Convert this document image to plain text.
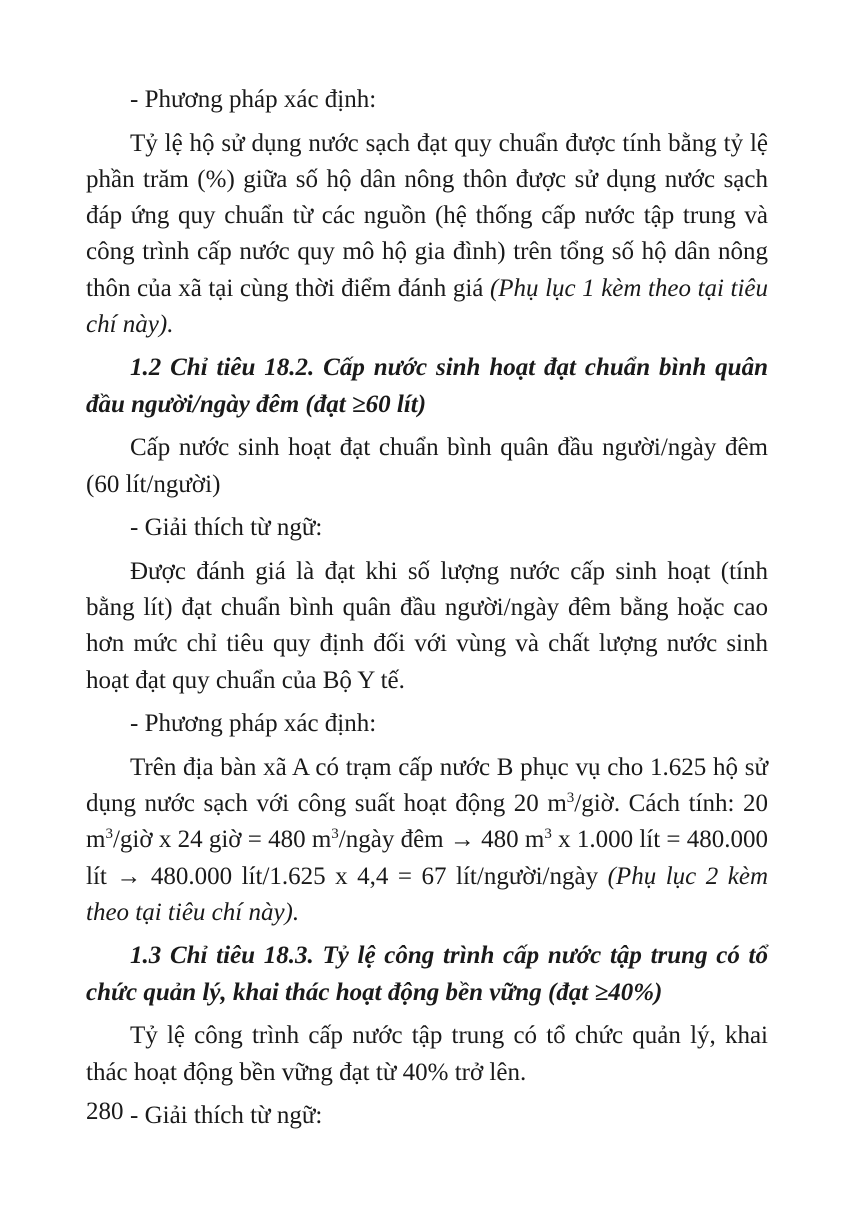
- Phương pháp xác định:

Tỷ lệ hộ sử dụng nước sạch đạt quy chuẩn được tính bằng tỷ lệ phần trăm (%) giữa số hộ dân nông thôn được sử dụng nước sạch đáp ứng quy chuẩn từ các nguồn (hệ thống cấp nước tập trung và công trình cấp nước quy mô hộ gia đình) trên tổng số hộ dân nông thôn của xã tại cùng thời điểm đánh giá (Phụ lục 1 kèm theo tại tiêu chí này).

1.2 Chỉ tiêu 18.2. Cấp nước sinh hoạt đạt chuẩn bình quân đầu người/ngày đêm (đạt ≥60 lít)

Cấp nước sinh hoạt đạt chuẩn bình quân đầu người/ngày đêm (60 lít/người)

- Giải thích từ ngữ:

Được đánh giá là đạt khi số lượng nước cấp sinh hoạt (tính bằng lít) đạt chuẩn bình quân đầu người/ngày đêm bằng hoặc cao hơn mức chỉ tiêu quy định đối với vùng và chất lượng nước sinh hoạt đạt quy chuẩn của Bộ Y tế.

- Phương pháp xác định:

Trên địa bàn xã A có trạm cấp nước B phục vụ cho 1.625 hộ sử dụng nước sạch với công suất hoạt động 20 $m^3$/giờ. Cách tính: 20 $m^3$/giờ x 24 giờ = 480 $m^3$/ngày đêm → 480 $m^3$ x 1.000 lít = 480.000 lít → 480.000 lít/1.625 x 4,4 = 67 lít/người/ngày (Phụ lục 2 kèm theo tại tiêu chí này).

1.3 Chỉ tiêu 18.3. Tỷ lệ công trình cấp nước tập trung có tổ chức quản lý, khai thác hoạt động bền vững (đạt ≥40%)

Tỷ lệ công trình cấp nước tập trung có tổ chức quản lý, khai thác hoạt động bền vững đạt từ 40% trở lên.

- Giải thích từ ngữ:

280
